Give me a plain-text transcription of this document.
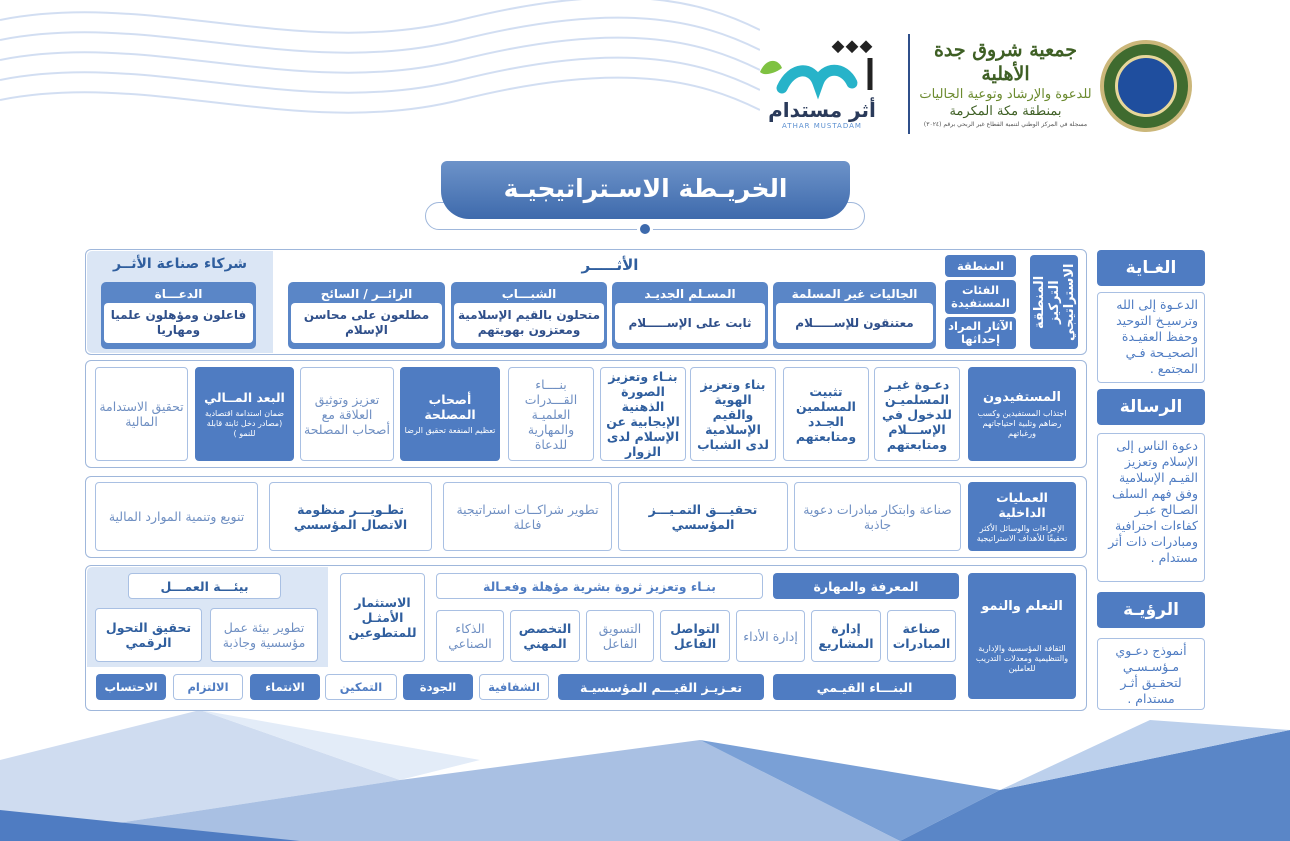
جمعية شروق جدة الأهلية
للدعوة والإرشاد وتوعية الجاليات
بمنطقة مكة المكرمة
مسجلة في المركز الوطني لتنمية القطاع غير الربحي برقم (٣٠٢٤)
أثر مستدام
ATHAR MUSTADAM
الخريـطة الاسـتراتيجيـة
الغـاية
الدعـوة إلى الله وترسيـخ التوحيد وحفظ العقيـدة الصحيـحة فـي المجتمع .
الرسالة
دعوة الناس إلى الإسلام وتعزيز القيـم الإسلامية وفق فهم السلف الصـالح عبـر كفاءات احترافية ومبادرات ذات أثر مستدام .
الرؤيـة
أنموذج دعـوي مـؤسـسـي لتحقـيق أثـر مستدام .
المنطقة التركيز الاستراتيجي
المنطقة
الفئات المستفيدة
الآثار المراد إحداثها
الأثـــــر
الجاليات غير المسلمة
معتنقون للإســـــلام
المسـلم الجديـد
ثابت على الإســـــلام
الشبـــاب
متحلون بالقيم الإسلامية ومعتزون بهويتهم
الزائــر / السائح
مطلعون على محاسن الإسلام
شركاء صناعة الأثــر
الدعـــاة
فاعلون ومؤهلون علميا ومهاريا
المستفيدون
اجتذاب المستفيدين وكسب رضاهم وتلبية احتياجاتهم ورغباتهم
دعـوة غيـر المسلميـن للدخول في الإســـلام ومتابعتهم
تثبيت المسلمين الجـدد ومتابعتهم
بناء وتعزيز الهوية والقيم الإسلامية لدى الشباب
بنـاء وتعزيز الصورة الذهنية الإيجابية عن الإسلام لدى الزوار
بنــــاء القـــدرات العلميـة والمهارية للدعاة
أصحاب المصلحة
تعظيم المنفعة تحقيق الرضا
تعزيز وتوثيق العلاقة مع أصحاب المصلحة
البعد المــالي
ضمان استدامة اقتصادية (مصادر دخل ثابتة قابلة للنمو )
تحقيق الاستدامة المالية
العمليات الداخلية
الإجراءات والوسائل الأكثر تحقيقًا للأهداف الاستراتيجية
صناعة وابتكار مبادرات دعوية جاذبة
تحقيـــق التمـيـــز المؤسسي
تطوير شراكــات استراتيجية فاعلة
تطـويـــر منظومة الاتصال المؤسسي
تنويع وتنمية الموارد المالية
التعلم والنمو
الثقافة المؤسسية والإدارية والتنظيمية ومعدلات التدريب للعاملين
المعرفة والمهارة
بنـاء وتعزيز ثروة بشرية مؤهلة وفعـالة
صناعة المبادرات
إدارة المشاريع
إدارة الأداء
التواصل الفاعل
التسويق الفاعل
التخصص المهني
الذكاء الصناعي
الاستثمار الأمثـل للمتطوعين
بيئـــة العمـــل
تطوير بيئة عمل مؤسسية وجاذبة
تحقيق التحول الرقمي
البنـــاء القيـمي
تعـزيـز القيـــم المؤسسيـة
الشفافية
الجودة
التمكين
الانتماء
الالتزام
الاحتساب
